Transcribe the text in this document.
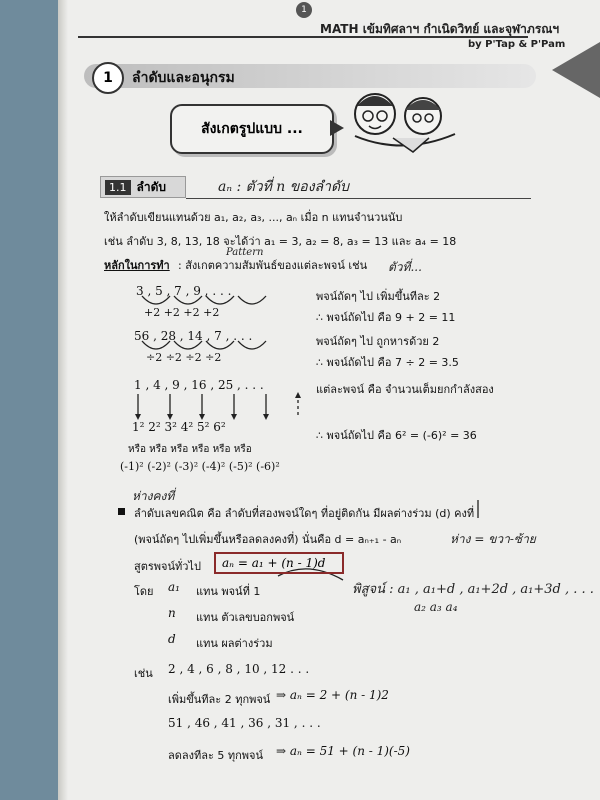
1
MATH เข้มทิศลาฯ กำเนิดวิทย์ และจุฬาภรณฯ
by P'Tap & P'Pam
1	ลำดับและอนุกรม
สังเกตรูปแบบ ...
1.1 ลำดับ	aₙ : ตัวที่ n ของลำดับ
ให้ลำดับเขียนแทนด้วย a₁, a₂, a₃, ..., aₙ เมื่อ n แทนจำนวนนับ
เช่น ลำดับ 3, 8, 13, 18 จะได้ว่า a₁ = 3, a₂ = 8, a₃ = 13 และ a₄ = 18
Pattern
หลักในการทำ : สังเกตความสัมพันธ์ของแต่ละพจน์ เช่น ตัวที่...
3 , 5 , 7 , 9 , . . .
+2 +2 +2 +2
พจน์ถัดๆ ไป เพิ่มขึ้นทีละ 2
∴ พจน์ถัดไป คือ 9 + 2 = 11
56 , 28 , 14 , 7 , . . .
÷2 ÷2 ÷2 ÷2
พจน์ถัดๆ ไป ถูกหารด้วย 2
∴ พจน์ถัดไป คือ 7 ÷ 2 = 3.5
1 , 4 , 9 , 16 , 25 , . . .	แต่ละพจน์ คือ จำนวนเต็มยกกำลังสอง
1² 2² 3² 4² 5² 6²
∴ พจน์ถัดไป คือ 6² = (-6)² = 36
หรือ หรือ หรือ หรือ หรือ หรือ
(-1)² (-2)² (-3)² (-4)² (-5)² (-6)²
ห่างคงที่
ลำดับเลขคณิต คือ ลำดับที่สองพจน์ใดๆ ที่อยู่ติดกัน มีผลต่างร่วม (d) คงที่
(พจน์ถัดๆ ไปเพิ่มขึ้นหรือลดลงคงที่) นั่นคือ d = aₙ₊₁ - aₙ	ห่าง = ขวา-ซ้าย
สูตรพจน์ทั่วไป aₙ = a₁ + (n - 1)d
พิสูจน์ : a₁ , a₁+d , a₁+2d , a₁+3d , . . .
a₂ a₃ a₄
โดย a₁ แทน พจน์ที่ 1
n แทน ตัวเลขบอกพจน์
d แทน ผลต่างร่วม
เช่น 2 , 4 , 6 , 8 , 10 , 12 . . .
เพิ่มขึ้นทีละ 2 ทุกพจน์ ⇒ aₙ = 2 + (n - 1)2
51 , 46 , 41 , 36 , 31 , . . .
ลดลงทีละ 5 ทุกพจน์ ⇒ aₙ = 51 + (n - 1)(-5)
